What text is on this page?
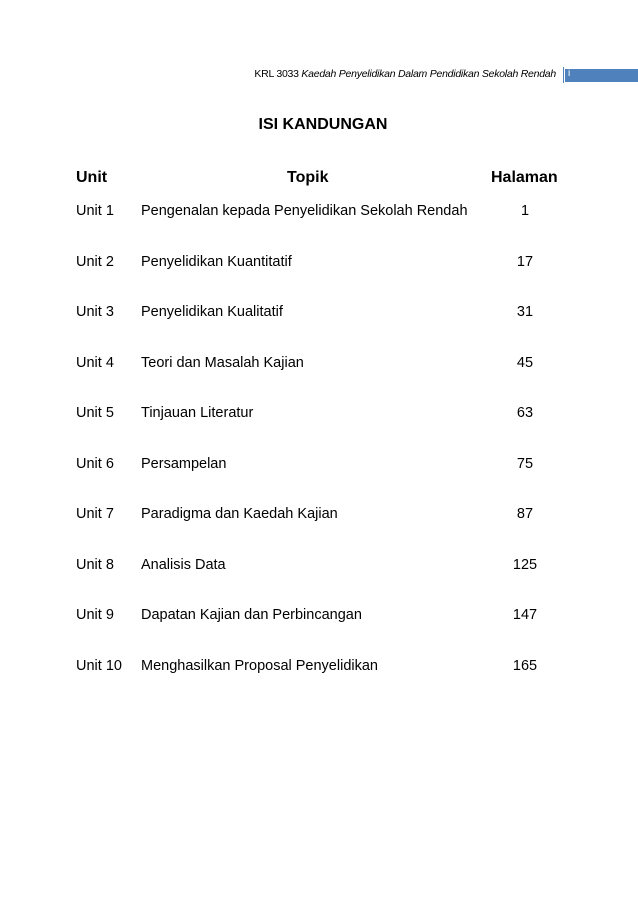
KRL 3033 Kaedah Penyelidikan Dalam Pendidikan Sekolah Rendah i
ISI KANDUNGAN
Unit	Topik	Halaman
Unit 1 Pengenalan kepada Penyelidikan Sekolah Rendah	1
Unit 2 Penyelidikan Kuantitatif	17
Unit 3 Penyelidikan Kualitatif	31
Unit 4 Teori dan Masalah Kajian	45
Unit 5 Tinjauan Literatur	63
Unit 6 Persampelan	75
Unit 7 Paradigma dan Kaedah Kajian	87
Unit 8 Analisis Data	125
Unit 9 Dapatan Kajian dan Perbincangan	147
Unit 10 Menghasilkan Proposal Penyelidikan	165
